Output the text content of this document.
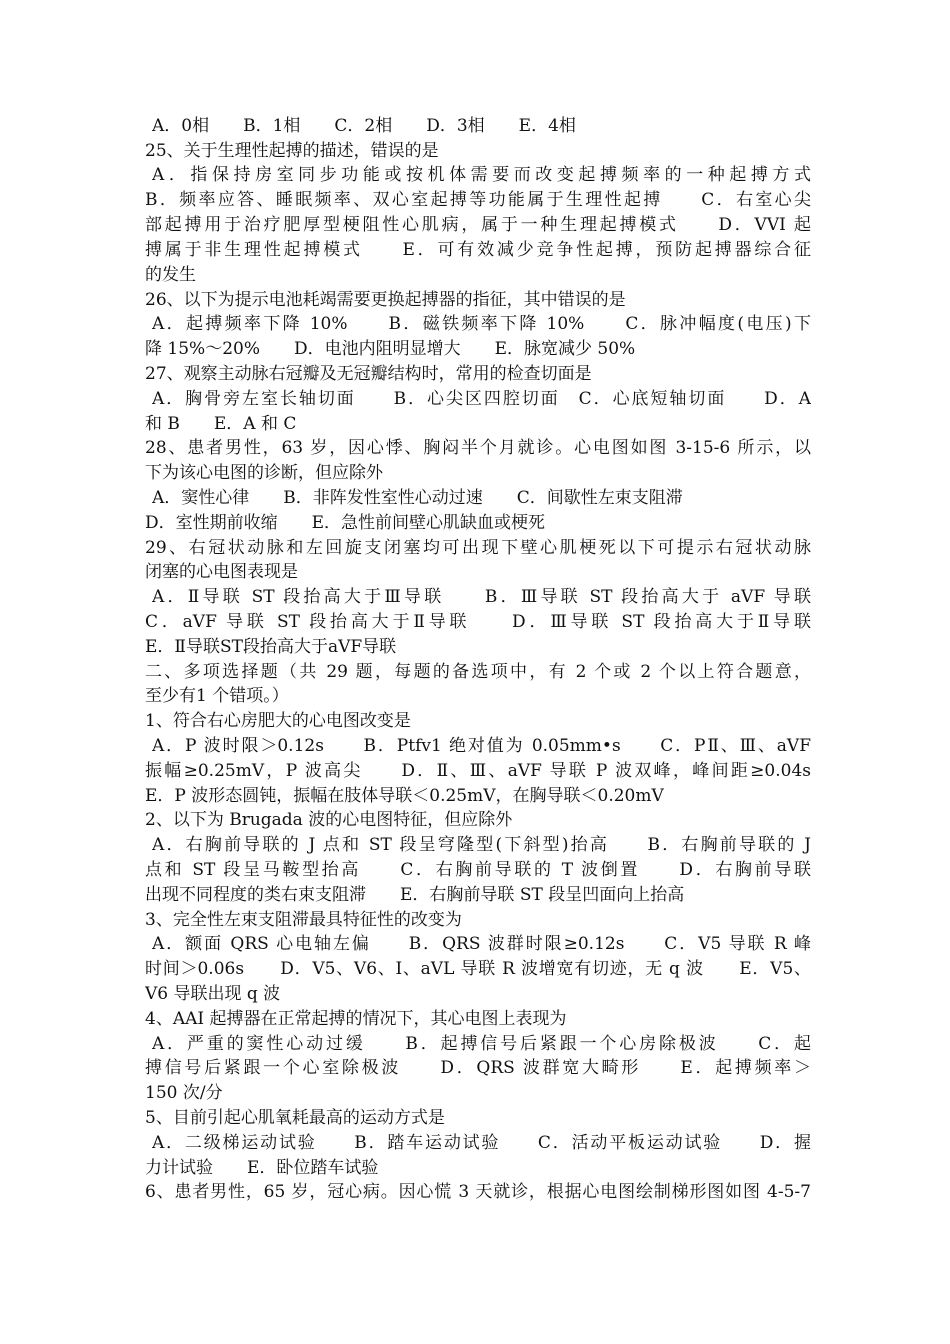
A．0相　　B．1相　　C．2相　　D．3相　　E．4相
25、关于生理性起搏的描述，错误的是
A．指保持房室同步功能或按机体需要而改变起搏频率的一种起搏方式
B．频率应答、睡眠频率、双心室起搏等功能属于生理性起搏　　C．右室心尖
部起搏用于治疗肥厚型梗阻性心肌病，属于一种生理起搏模式　　D．VVI 起
搏属于非生理性起搏模式　　E．可有效减少竞争性起搏，预防起搏器综合征
的发生
26、以下为提示电池耗竭需要更换起搏器的指征，其中错误的是
A．起搏频率下降 10%　　B．磁铁频率下降 10%　　C．脉冲幅度(电压)下
降 15%～20%　　D．电池内阻明显增大　　E．脉宽减少 50%
27、观察主动脉右冠瓣及无冠瓣结构时，常用的检查切面是
A．胸骨旁左室长轴切面　　B．心尖区四腔切面　C．心底短轴切面　　D．A
和 B　　E．A 和 C
28、患者男性，63 岁，因心悸、胸闷半个月就诊。心电图如图 3-15-6 所示，以
下为该心电图的诊断，但应除外
A．窦性心律　　B．非阵发性室性心动过速　　C．间歇性左束支阻滞
D．室性期前收缩　　E．急性前间壁心肌缺血或梗死
29、右冠状动脉和左回旋支闭塞均可出现下壁心肌梗死以下可提示右冠状动脉
闭塞的心电图表现是
A．Ⅱ导联 ST 段抬高大于Ⅲ导联　　B．Ⅲ导联 ST 段抬高大于 aVF 导联
C．aVF 导联 ST 段抬高大于Ⅱ导联　　D．Ⅲ导联 ST 段抬高大于Ⅱ导联
E．Ⅱ导联ST段抬高大于aVF导联
二、多项选择题（共 29 题，每题的备选项中，有 2 个或 2 个以上符合题意，
至少有1 个错项。）
1、符合右心房肥大的心电图改变是
A．P 波时限＞0.12s　　B．Ptfv1 绝对值为 0.05mm•s　　C．PⅡ、Ⅲ、aVF
振幅≥0.25mV，P 波高尖　　D．Ⅱ、Ⅲ、aVF 导联 P 波双峰，峰间距≥0.04s
E．P 波形态圆钝，振幅在肢体导联＜0.25mV，在胸导联＜0.20mV
2、以下为 Brugada 波的心电图特征，但应除外
A．右胸前导联的 J 点和 ST 段呈穹隆型(下斜型)抬高　　B．右胸前导联的 J
点和 ST 段呈马鞍型抬高　　C．右胸前导联的 T 波倒置　　D．右胸前导联
出现不同程度的类右束支阻滞　　E．右胸前导联 ST 段呈凹面向上抬高
3、完全性左束支阻滞最具特征性的改变为
A．额面 QRS 心电轴左偏　　B．QRS 波群时限≥0.12s　　C．V5 导联 R 峰
时间＞0.06s　　D．V5、V6、Ⅰ、aVL 导联 R 波增宽有切迹，无 q 波　　E．V5、
V6 导联出现 q 波
4、AAI 起搏器在正常起搏的情况下，其心电图上表现为
A．严重的窦性心动过缓　　B．起搏信号后紧跟一个心房除极波　　C．起
搏信号后紧跟一个心室除极波　　D．QRS 波群宽大畸形　　E．起搏频率＞
150 次/分
5、目前引起心肌氧耗最高的运动方式是
A．二级梯运动试验　　B．踏车运动试验　　C．活动平板运动试验　　D．握
力计试验　　E．卧位踏车试验
6、患者男性，65 岁，冠心病。因心慌 3 天就诊，根据心电图绘制梯形图如图 4-5-7
